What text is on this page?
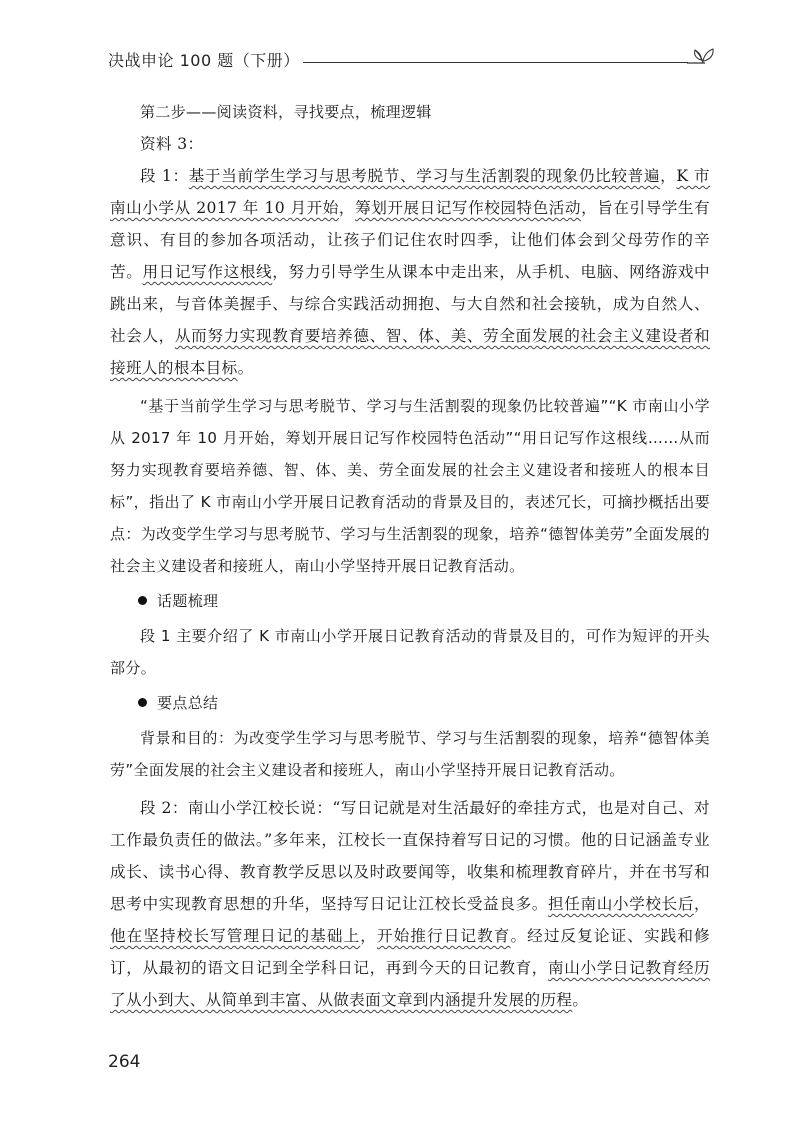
决战申论 100 题（下册）

第二步——阅读资料，寻找要点，梳理逻辑

资料 3：

段 1：基于当前学生学习与思考脱节、学习与生活割裂的现象仍比较普遍，K 市南山小学从 2017 年 10 月开始，筹划开展日记写作校园特色活动，旨在引导学生有意识、有目的参加各项活动，让孩子们记住农时四季，让他们体会到父母劳作的辛苦。用日记写作这根线，努力引导学生从课本中走出来，从手机、电脑、网络游戏中跳出来，与音体美握手、与综合实践活动拥抱、与大自然和社会接轨，成为自然人、社会人，从而努力实现教育要培养德、智、体、美、劳全面发展的社会主义建设者和接班人的根本目标。

“基于当前学生学习与思考脱节、学习与生活割裂的现象仍比较普遍”“K 市南山小学从 2017 年 10 月开始，筹划开展日记写作校园特色活动”“用日记写作这根线……从而努力实现教育要培养德、智、体、美、劳全面发展的社会主义建设者和接班人的根本目标”，指出了 K 市南山小学开展日记教育活动的背景及目的，表述冗长，可摘抄概括出要点：为改变学生学习与思考脱节、学习与生活割裂的现象，培养“德智体美劳”全面发展的社会主义建设者和接班人，南山小学坚持开展日记教育活动。

话题梳理

段 1 主要介绍了 K 市南山小学开展日记教育活动的背景及目的，可作为短评的开头部分。

要点总结

背景和目的：为改变学生学习与思考脱节、学习与生活割裂的现象，培养“德智体美劳”全面发展的社会主义建设者和接班人，南山小学坚持开展日记教育活动。

段 2：南山小学江校长说：“写日记就是对生活最好的牵挂方式，也是对自己、对工作最负责任的做法。”多年来，江校长一直保持着写日记的习惯。他的日记涵盖专业成长、读书心得、教育教学反思以及时政要闻等，收集和梳理教育碎片，并在书写和思考中实现教育思想的升华，坚持写日记让江校长受益良多。担任南山小学校长后，他在坚持校长写管理日记的基础上，开始推行日记教育。经过反复论证、实践和修订，从最初的语文日记到全学科日记，再到今天的日记教育，南山小学日记教育经历了从小到大、从简单到丰富、从做表面文章到内涵提升发展的历程。

264
